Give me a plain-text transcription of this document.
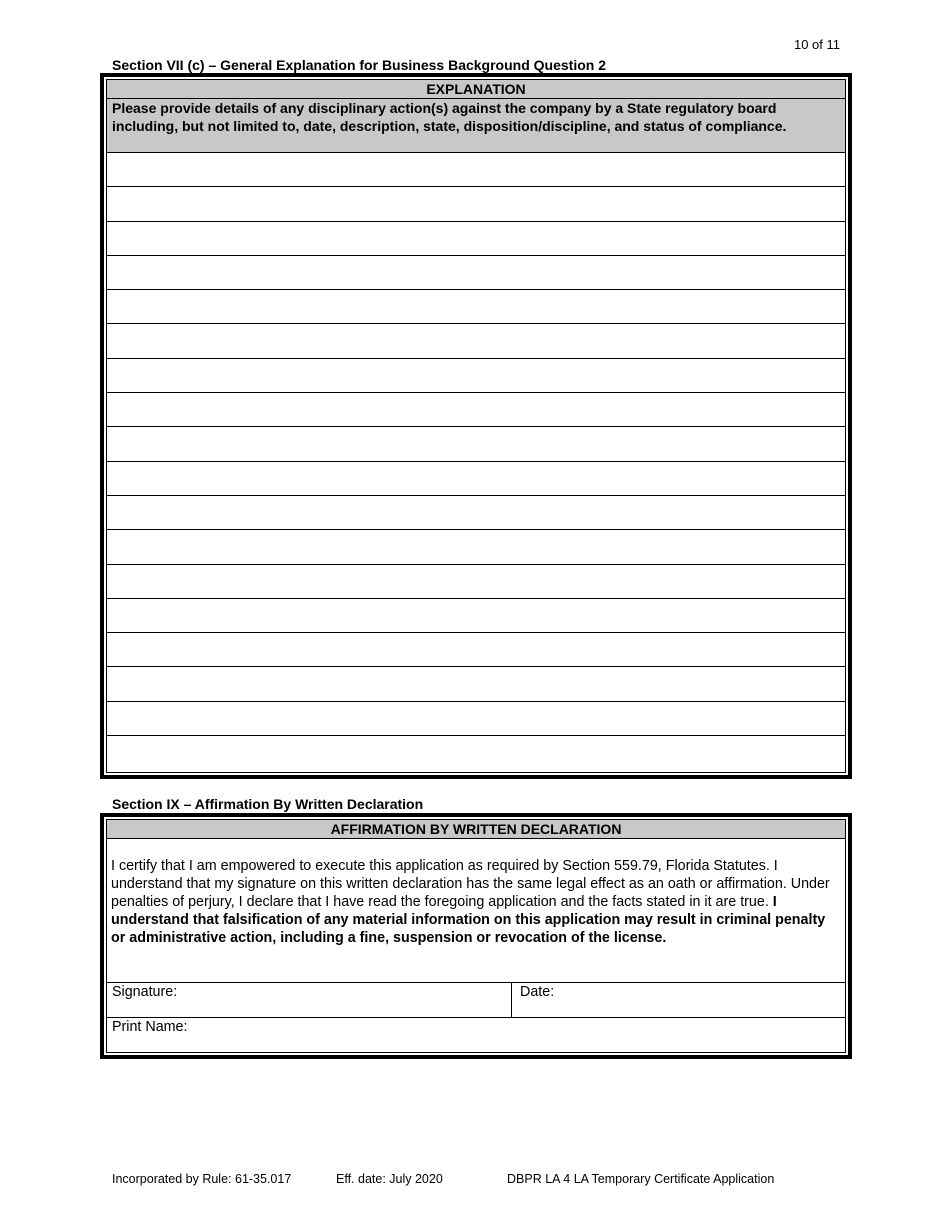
10 of 11
Section VII (c) – General Explanation for Business Background Question 2
EXPLANATION
Please provide details of any disciplinary action(s) against the company by a State regulatory board including, but not limited to, date, description, state, disposition/discipline, and status of compliance.
Section IX – Affirmation By Written Declaration
AFFIRMATION BY WRITTEN DECLARATION
I certify that I am empowered to execute this application as required by Section 559.79, Florida Statutes. I understand that my signature on this written declaration has the same legal effect as an oath or affirmation. Under penalties of perjury, I declare that I have read the foregoing application and the facts stated in it are true. I understand that falsification of any material information on this application may result in criminal penalty or administrative action, including a fine, suspension or revocation of the license.
Signature:	Date:
Print Name:
Incorporated by Rule: 61-35.017	Eff. date: July 2020	DBPR LA 4 LA Temporary Certificate Application
